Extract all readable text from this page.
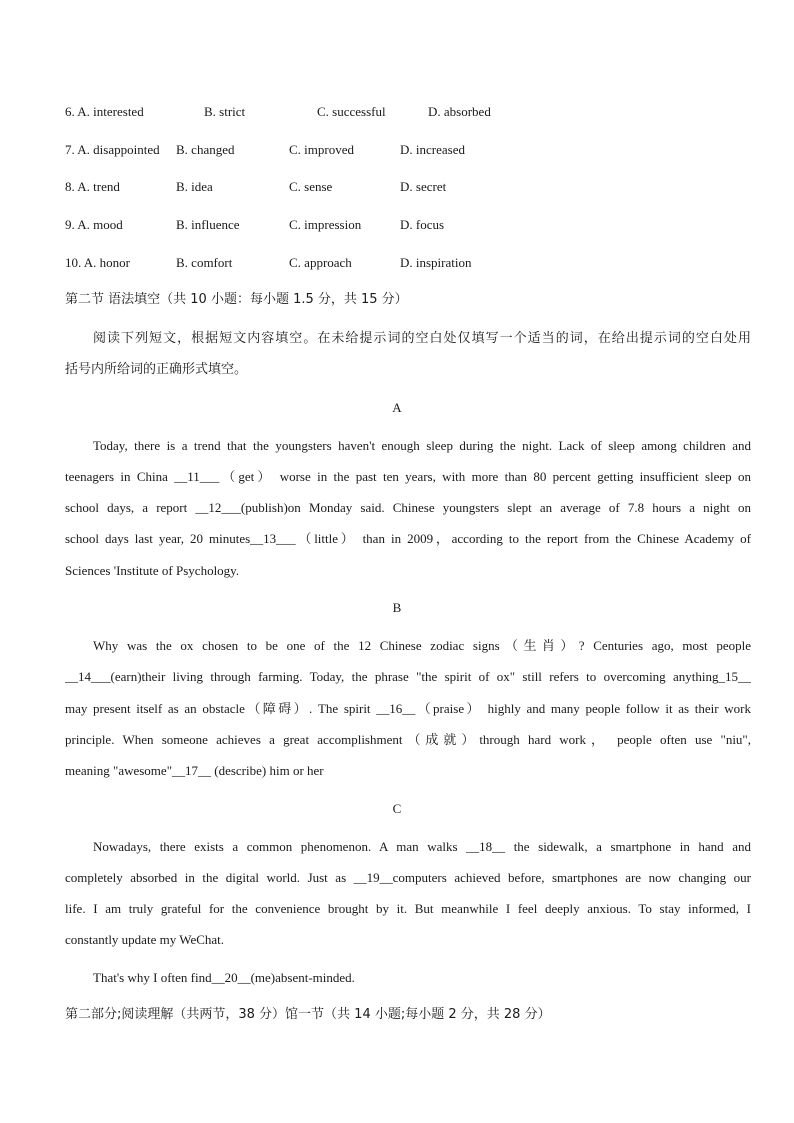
6. A. interested	B. strict	C. successful	D. absorbed
7. A. disappointed B. changed	C. improved	D. increased
8. A. trend	B. idea	C. sense	D. secret
9. A. mood	B. influence	C. impression	D. focus
10. A. honor	B. comfort	C. approach	D. inspiration
第二节 语法填空（共 10 小题：每小题 1.5 分，共 15 分）
阅读下列短文，根据短文内容填空。在未给提示词的空白处仅填写一个适当的词，在给出提示词的空白处用
括号内所给词的正确形式填空。
A
Today, there is a trend that the youngsters haven't enough sleep during the night. Lack of sleep among children and
teenagers in China __11___（get） worse in the past ten years, with more than 80 percent getting insufficient sleep on
school days, a report __12___(publish)on Monday said. Chinese youngsters slept an average of 7.8 hours a night on
school days last year, 20 minutes__13___（little） than in 2009，according to the report from the Chinese Academy of
Sciences 'Institute of Psychology.
B
Why was the ox chosen to be one of the 12 Chinese zodiac signs（生肖）? Centuries ago, most people
__14___(earn)their living through farming. Today, the phrase "the spirit of ox" still refers to overcoming anything_15__
may present itself as an obstacle（障碍）. The spirit __16__（praise） highly and many people follow it as their work
principle. When someone achieves a great accomplishment（成就）through hard work， people often use "niu",
meaning "awesome"__17__ (describe) him or her
C
Nowadays, there exists a common phenomenon. A man walks __18__ the sidewalk, a smartphone in hand and
completely absorbed in the digital world. Just as __19__computers achieved before, smartphones are now changing our
life. I am truly grateful for the convenience brought by it. But meanwhile I feel deeply anxious. To stay informed, I
constantly update my WeChat.
That's why I often find__20__(me)absent-minded.
第二部分;阅读理解（共两节，38 分）馆一节（共 14 小题;每小题 2 分，共 28 分）
